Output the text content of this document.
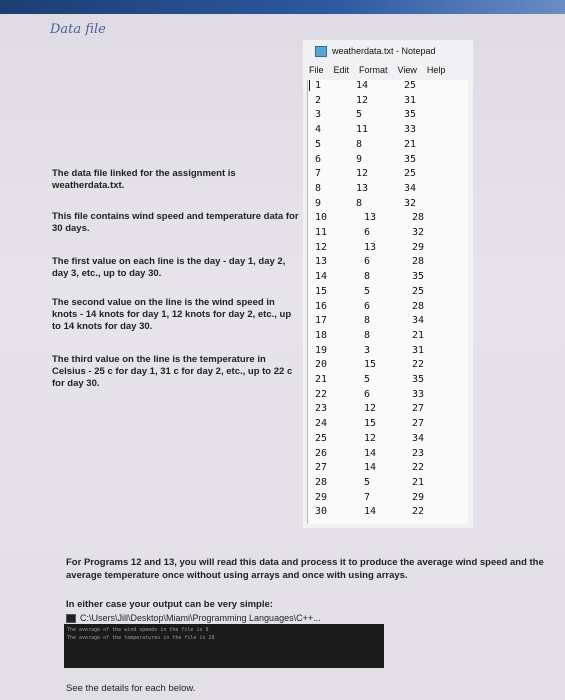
Data file
The data file linked for the assignment is weatherdata.txt.
This file contains wind speed and temperature data for 30 days.
The first value on each line is the day - day 1, day 2, day 3, etc., up to day 30.
The second value on the line is the wind speed in knots - 14 knots for day 1, 12 knots for day 2, etc., up to 14 knots for day 30.
The third value on the line is the temperature in Celsius - 25 c for day 1, 31 c for day 2, etc., up to 22 c for day 30.
weatherdata.txt - Notepad
File Edit Format View Help
1	14	25
2	12	31
3	5	35
4	11	33
5	8	21
6	9	35
7	12	25
8	13	34
9	8	32
10	13	28
11	6	32
12	13	29
13	6	28
14	8	35
15	5	25
16	6	28
17	8	34
18	8	21
19	3	31
20	15	22
21	5	35
22	6	33
23	12	27
24	15	27
25	12	34
26	14	23
27	14	22
28	5	21
29	7	29
30	14	22
For Programs 12 and 13, you will read this data and process it to produce the average wind speed and the average temperature once without using arrays and once with using arrays.
In either case your output can be very simple:
C:\Users\Jill\Desktop\Miami\Programming Languages\C++...
The average of the wind speeds in the file is 9
The average of the temperatures in the file is 28
See the details for each below.
